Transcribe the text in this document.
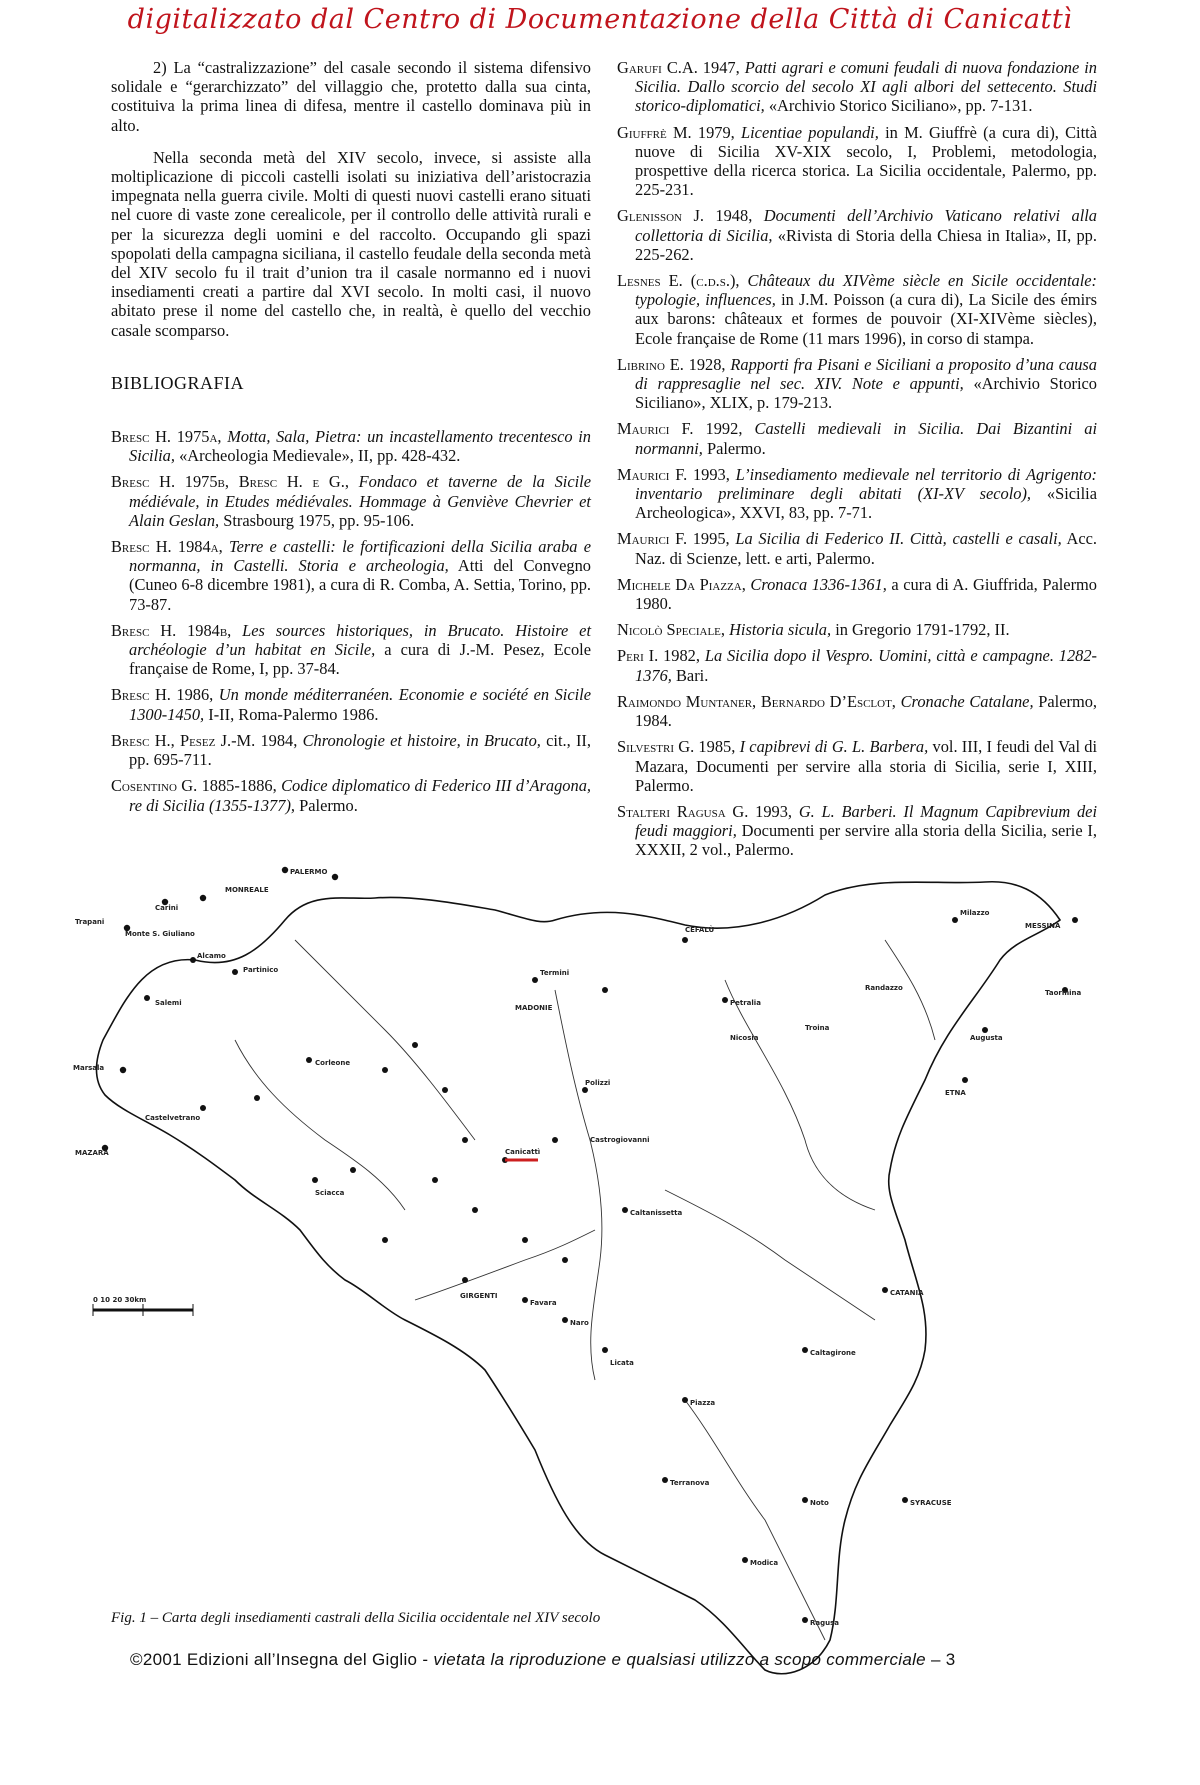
digitalizzato dal Centro di Documentazione della Città di Canicattì

2) La “castralizzazione” del casale secondo il sistema difensivo solidale e “gerarchizzato” del villaggio che, protetto dalla sua cinta, costituiva la prima linea di difesa, mentre il castello dominava più in alto.

Nella seconda metà del XIV secolo, invece, si assiste alla moltiplicazione di piccoli castelli isolati su iniziativa dell’aristocrazia impegnata nella guerra civile. Molti di questi nuovi castelli erano situati nel cuore di vaste zone cerealicole, per il controllo delle attività rurali e per la sicurezza degli uomini e del raccolto. Occupando gli spazi spopolati della campagna siciliana, il castello feudale della seconda metà del XIV secolo fu il trait d’union tra il casale normanno ed i nuovi insediamenti creati a partire dal XVI secolo. In molti casi, il nuovo abitato prese il nome del castello che, in realtà, è quello del vecchio casale scomparso.

BIBLIOGRAFIA

Bresc H. 1975a, Motta, Sala, Pietra: un incastellamento trecentesco in Sicilia, «Archeologia Medievale», II, pp. 428-432.

Bresc H. 1975b, Bresc H. e G., Fondaco et taverne de la Sicile médiévale, in Etudes médiévales. Hommage à Genviève Chevrier et Alain Geslan, Strasbourg 1975, pp. 95-106.

Bresc H. 1984a, Terre e castelli: le fortificazioni della Sicilia araba e normanna, in Castelli. Storia e archeologia, Atti del Convegno (Cuneo 6-8 dicembre 1981), a cura di R. Comba, A. Settia, Torino, pp. 73-87.

Bresc H. 1984b, Les sources historiques, in Brucato. Histoire et archéologie d’un habitat en Sicile, a cura di J.-M. Pesez, Ecole française de Rome, I, pp. 37-84.

Bresc H. 1986, Un monde méditerranéen. Economie e société en Sicile 1300-1450, I-II, Roma-Palermo 1986.

Bresc H., Pesez J.-M. 1984, Chronologie et histoire, in Brucato, cit., II, pp. 695-711.

Cosentino G. 1885-1886, Codice diplomatico di Federico III d’Aragona, re di Sicilia (1355-1377), Palermo.

Garufi C.A. 1947, Patti agrari e comuni feudali di nuova fondazione in Sicilia. Dallo scorcio del secolo XI agli albori del settecento. Studi storico-diplomatici, «Archivio Storico Siciliano», pp. 7-131.

Giuffrè M. 1979, Licentiae populandi, in M. Giuffrè (a cura di), Città nuove di Sicilia XV-XIX secolo, I, Problemi, metodologia, prospettive della ricerca storica. La Sicilia occidentale, Palermo, pp. 225-231.

Glenisson J. 1948, Documenti dell’Archivio Vaticano relativi alla collettoria di Sicilia, «Rivista di Storia della Chiesa in Italia», II, pp. 225-262.

Lesnes E. (c.d.s.), Châteaux du XIVème siècle en Sicile occidentale: typologie, influences, in J.M. Poisson (a cura di), La Sicile des émirs aux barons: châteaux et formes de pouvoir (XI-XIVème siècles), Ecole française de Rome (11 mars 1996), in corso di stampa.

Librino E. 1928, Rapporti fra Pisani e Siciliani a proposito d’una causa di rappresaglie nel sec. XIV. Note e appunti, «Archivio Storico Siciliano», XLIX, p. 179-213.

Maurici F. 1992, Castelli medievali in Sicilia. Dai Bizantini ai normanni, Palermo.

Maurici F. 1993, L’insediamento medievale nel territorio di Agrigento: inventario preliminare degli abitati (XI-XV secolo), «Sicilia Archeologica», XXVI, 83, pp. 7-71.

Maurici F. 1995, La Sicilia di Federico II. Città, castelli e casali, Acc. Naz. di Scienze, lett. e arti, Palermo.

Michele Da Piazza, Cronaca 1336-1361, a cura di A. Giuffrida, Palermo 1980.

Nicolò Speciale, Historia sicula, in Gregorio 1791-1792, II.

Peri I. 1982, La Sicilia dopo il Vespro. Uomini, città e campagne. 1282-1376, Bari.

Raimondo Muntaner, Bernardo D’Esclot, Cronache Catalane, Palermo, 1984.

Silvestri G. 1985, I capibrevi di G. L. Barbera, vol. III, I feudi del Val di Mazara, Documenti per servire alla storia di Sicilia, serie I, XIII, Palermo.

Stalteri Ragusa G. 1993, G. L. Barberi. Il Magnum Capibrevium dei feudi maggiori, Documenti per servire alla storia della Sicilia, serie I, XXXII, 2 vol., Palermo.

0 10 20 30km
PALERMO
MONREALE
Carini
Trapani
Monte S. Giuliano
Marsala
MAZARA
Castelvetrano
Salemi
Alcamo
Partinico
Corleone
Termini
CEFALÙ
Polizzi
Petralia
Sciacca
GIRGENTI
Licata
Caltanissetta
Canicattì
Naro
Favara
Caltagirone
Piazza
Castrogiovanni
Nicosia
Troina
ETNA
CATANIA
Augusta
SYRACUSE
Noto
Modica
Ragusa
Terranova
Randazzo
Taormina
Milazzo
MESSINA
MADONIE
Fig. 1 – Carta degli insediamenti castrali della Sicilia occidentale nel XIV secolo
©2001 Edizioni all’Insegna del Giglio - vietata la riproduzione e qualsiasi utilizzo a scopo commerciale – 3
